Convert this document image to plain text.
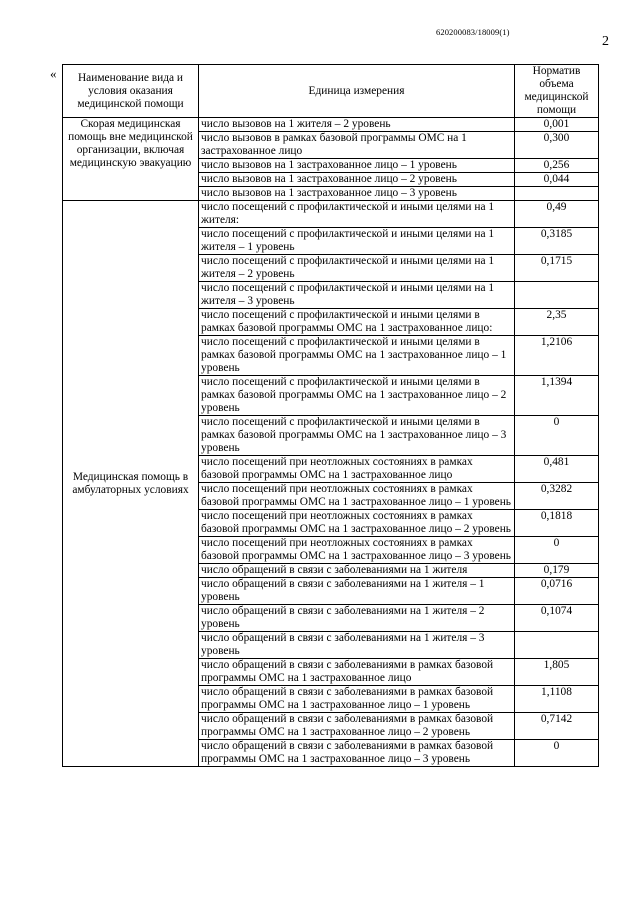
620200083/18009(1)
2
« Наименование вида и условия оказания медицинской помощи	Единица измерения	Норматив объема медицинской помощи
Скорая медицинская помощь вне медицинской организации, включая медицинскую эвакуацию	число вызовов на 1 жителя – 2 уровень	0,001
	число вызовов в рамках базовой программы ОМС на 1 застрахованное лицо	0,300
	число вызовов на 1 застрахованное лицо – 1 уровень	0,256
	число вызовов на 1 застрахованное лицо – 2 уровень	0,044
	число вызовов на 1 застрахованное лицо – 3 уровень	
Медицинская помощь в амбулаторных условиях	число посещений с профилактической и иными целями на 1 жителя:	0,49
	число посещений с профилактической и иными целями на 1 жителя – 1 уровень	0,3185
	число посещений с профилактической и иными целями на 1 жителя – 2 уровень	0,1715
	число посещений с профилактической и иными целями на 1 жителя – 3 уровень	
	число посещений с профилактической и иными целями в рамках базовой программы ОМС на 1 застрахованное лицо:	2,35
	число посещений с профилактической и иными целями в рамках базовой программы ОМС на 1 застрахованное лицо – 1 уровень	1,2106
	число посещений с профилактической и иными целями в рамках базовой программы ОМС на 1 застрахованное лицо – 2 уровень	1,1394
	число посещений с профилактической и иными целями в рамках базовой программы ОМС на 1 застрахованное лицо – 3 уровень	0
	число посещений при неотложных состояниях в рамках базовой программы ОМС на 1 застрахованное лицо	0,481
	число посещений при неотложных состояниях в рамках базовой программы ОМС на 1 застрахованное лицо – 1 уровень	0,3282
	число посещений при неотложных состояниях в рамках базовой программы ОМС на 1 застрахованное лицо – 2 уровень	0,1818
	число посещений при неотложных состояниях в рамках базовой программы ОМС на 1 застрахованное лицо – 3 уровень	0
	число обращений в связи с заболеваниями на 1 жителя	0,179
	число обращений в связи с заболеваниями на 1 жителя – 1 уровень	0,0716
	число обращений в связи с заболеваниями на 1 жителя – 2 уровень	0,1074
	число обращений в связи с заболеваниями на 1 жителя – 3 уровень	
	число обращений в связи с заболеваниями в рамках базовой программы ОМС на 1 застрахованное лицо	1,805
	число обращений в связи с заболеваниями в рамках базовой программы ОМС на 1 застрахованное лицо – 1 уровень	1,1108
	число обращений в связи с заболеваниями в рамках базовой программы ОМС на 1 застрахованное лицо – 2 уровень	0,7142
	число обращений в связи с заболеваниями в рамках базовой программы ОМС на 1 застрахованное лицо – 3 уровень	0
